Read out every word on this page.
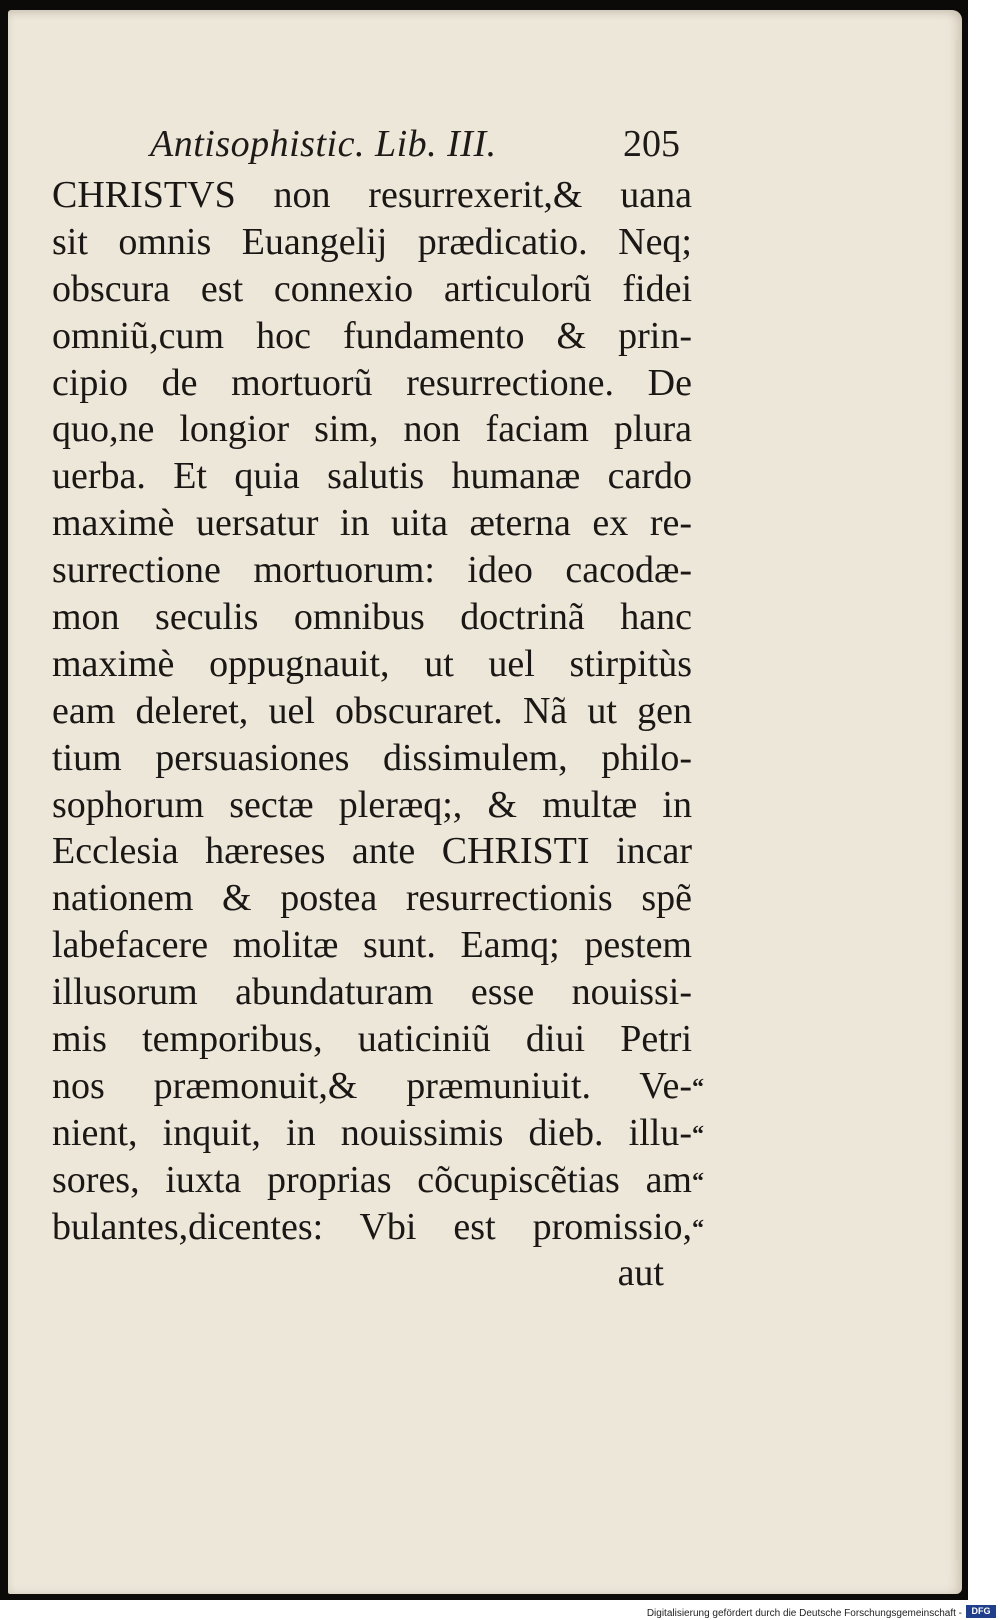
Antisophistic. Lib. III.	205
CHRISTVS non resurrexerit,& uana
sit omnis Euangelij prædicatio. Neq;
obscura est connexio articulorũ fidei
omniũ,cum hoc fundamento & prin-
cipio de mortuorũ resurrectione. De
quo,ne longior sim, non faciam plura
uerba. Et quia salutis humanæ cardo
maximè uersatur in uita æterna ex re-
surrectione mortuorum: ideo cacodæ-
mon seculis omnibus doctrinã hanc
maximè oppugnauit, ut uel stirpitùs
eam deleret, uel obscuraret. Nã ut gen
tium persuasiones dissimulem, philo-
sophorum sectæ pleræq;, & multæ in
Ecclesia hæreses ante CHRISTI incar
nationem & postea resurrectionis spẽ
labefacere molitæ sunt. Eamq; pestem
illusorum abundaturam esse nouissi-
mis temporibus, uaticiniũ diui Petri
nos præmonuit,& præmuniuit. Ve-
nient, inquit, in nouissimis dieb. illu-
sores, iuxta proprias cõcupiscẽtias am
bulantes,dicentes: Vbi est promissio,
aut
“
“
“
“
Digitalisierung gefördert durch die Deutsche Forschungsgemeinschaft -	DFG
